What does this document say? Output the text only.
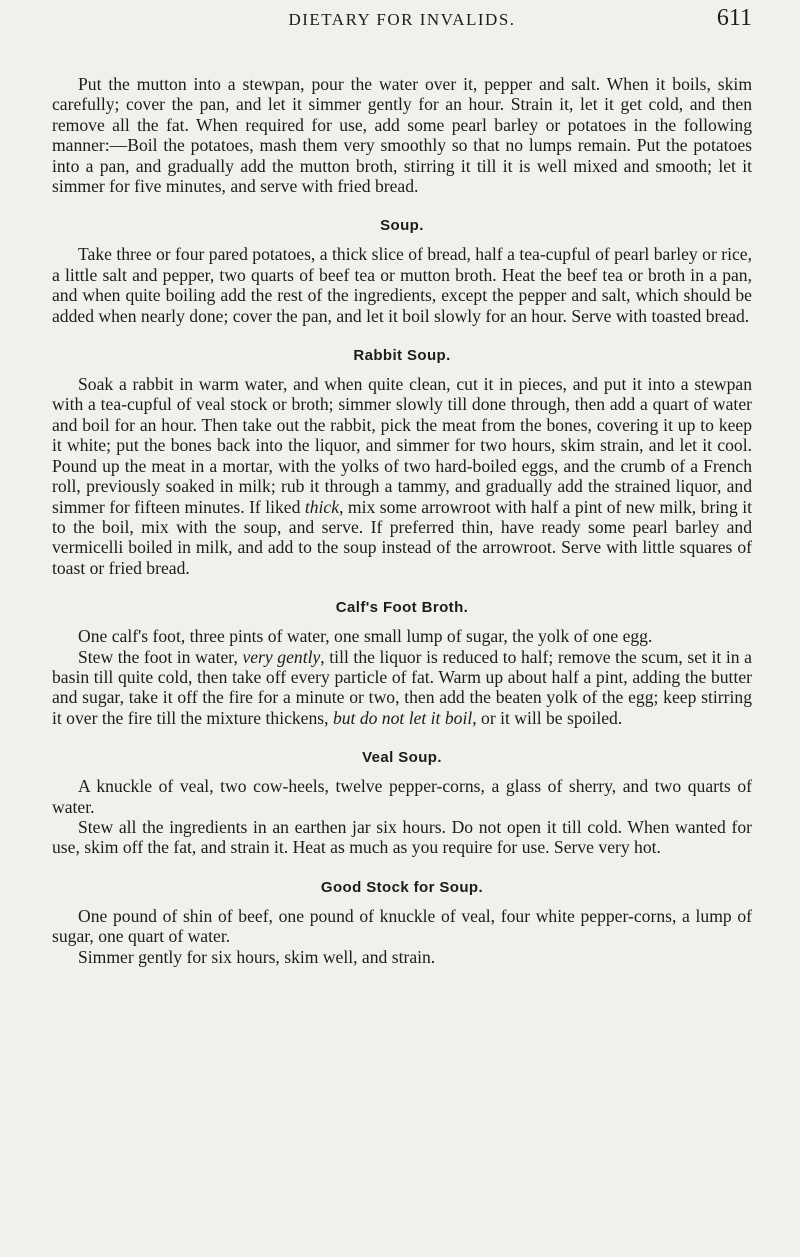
DIETARY FOR INVALIDS.	611

Put the mutton into a stewpan, pour the water over it, pepper and salt. When it boils, skim carefully; cover the pan, and let it simmer gently for an hour. Strain it, let it get cold, and then remove all the fat. When required for use, add some pearl barley or potatoes in the following manner:—Boil the potatoes, mash them very smoothly so that no lumps remain. Put the potatoes into a pan, and gradually add the mutton broth, stirring it till it is well mixed and smooth; let it simmer for five minutes, and serve with fried bread.

Soup.

Take three or four pared potatoes, a thick slice of bread, half a tea-cupful of pearl barley or rice, a little salt and pepper, two quarts of beef tea or mutton broth. Heat the beef tea or broth in a pan, and when quite boiling add the rest of the ingredients, except the pepper and salt, which should be added when nearly done; cover the pan, and let it boil slowly for an hour. Serve with toasted bread.

Rabbit Soup.

Soak a rabbit in warm water, and when quite clean, cut it in pieces, and put it into a stewpan with a tea-cupful of veal stock or broth; simmer slowly till done through, then add a quart of water and boil for an hour. Then take out the rabbit, pick the meat from the bones, covering it up to keep it white; put the bones back into the liquor, and simmer for two hours, skim strain, and let it cool. Pound up the meat in a mortar, with the yolks of two hard-boiled eggs, and the crumb of a French roll, previously soaked in milk; rub it through a tammy, and gradually add the strained liquor, and simmer for fifteen minutes. If liked thick, mix some arrowroot with half a pint of new milk, bring it to the boil, mix with the soup, and serve. If preferred thin, have ready some pearl barley and vermicelli boiled in milk, and add to the soup instead of the arrowroot. Serve with little squares of toast or fried bread.

Calf's Foot Broth.

One calf's foot, three pints of water, one small lump of sugar, the yolk of one egg.

Stew the foot in water, very gently, till the liquor is reduced to half; remove the scum, set it in a basin till quite cold, then take off every particle of fat. Warm up about half a pint, adding the butter and sugar, take it off the fire for a minute or two, then add the beaten yolk of the egg; keep stirring it over the fire till the mixture thickens, but do not let it boil, or it will be spoiled.

Veal Soup.

A knuckle of veal, two cow-heels, twelve pepper-corns, a glass of sherry, and two quarts of water.

Stew all the ingredients in an earthen jar six hours. Do not open it till cold. When wanted for use, skim off the fat, and strain it. Heat as much as you require for use. Serve very hot.

Good Stock for Soup.

One pound of shin of beef, one pound of knuckle of veal, four white pepper-corns, a lump of sugar, one quart of water.

Simmer gently for six hours, skim well, and strain.
